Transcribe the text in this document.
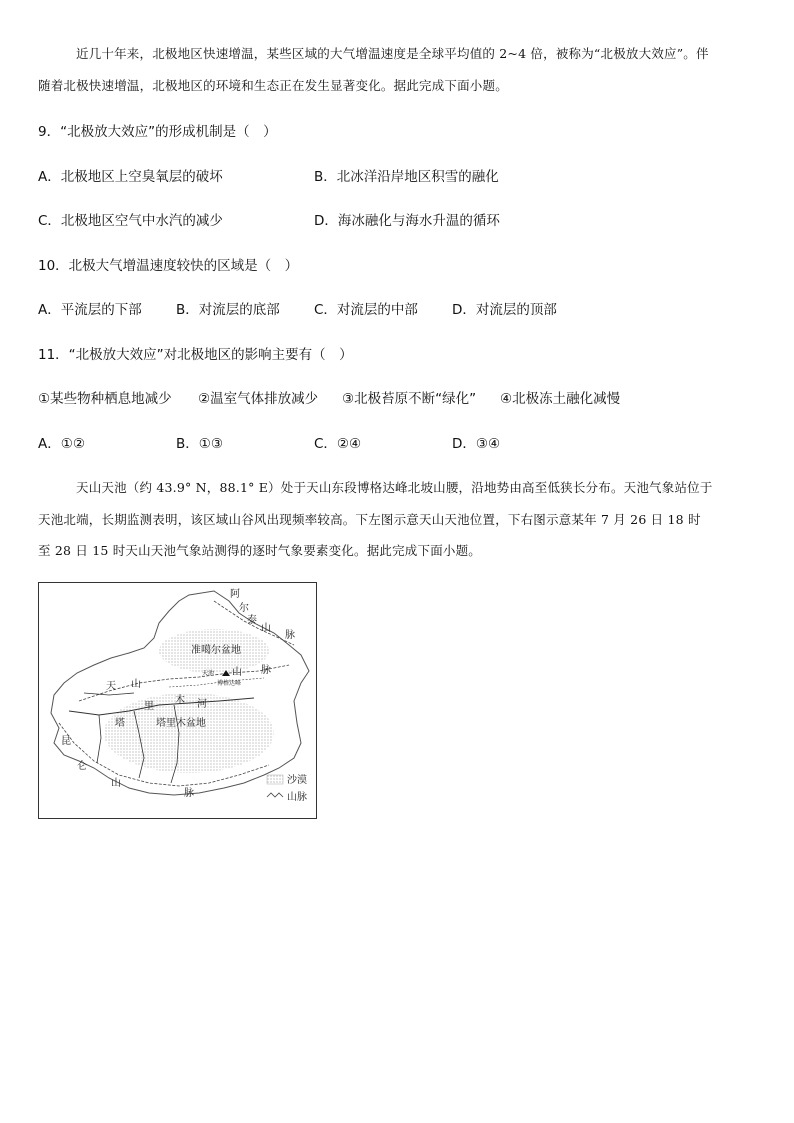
近几十年来，北极地区快速增温，某些区域的大气增温速度是全球平均值的 2~4 倍，被称为“北极放大效应”。伴
随着北极快速增温，北极地区的环境和生态正在发生显著变化。据此完成下面小题。
9．“北极放大效应”的形成机制是（　）
A．北极地区上空臭氧层的破坏	B．北冰洋沿岸地区积雪的融化
C．北极地区空气中水汽的减少	D．海冰融化与海水升温的循环
10．北极大气增温速度较快的区域是（　）
A．平流层的下部	B．对流层的底部	C．对流层的中部	D．对流层的顶部
11．“北极放大效应”对北极地区的影响主要有（　）
①某些物种栖息地减少 ②温室气体排放减少 ③北极苔原不断“绿化” ④北极冻土融化减慢
A．①②	B．①③	C．②④	D．③④
天山天池（约 43.9° N，88.1° E）处于天山东段博格达峰北坡山腰，沿地势由高至低狭长分布。天池气象站位于
天池北端，长期监测表明，该区域山谷风出现频率较高。下左图示意天山天池位置，下右图示意某年 7 月 26 日 18 时
至 28 日 15 时天山天池气象站测得的逐时气象要素变化。据此完成下面小题。
阿
尔
泰
山
脉
准噶尔盆地
天池
博格达峰
山 脉
天 山
里
木 河
塔	塔里木盆地
昆
仑
山
脉
沙漠
山脉
